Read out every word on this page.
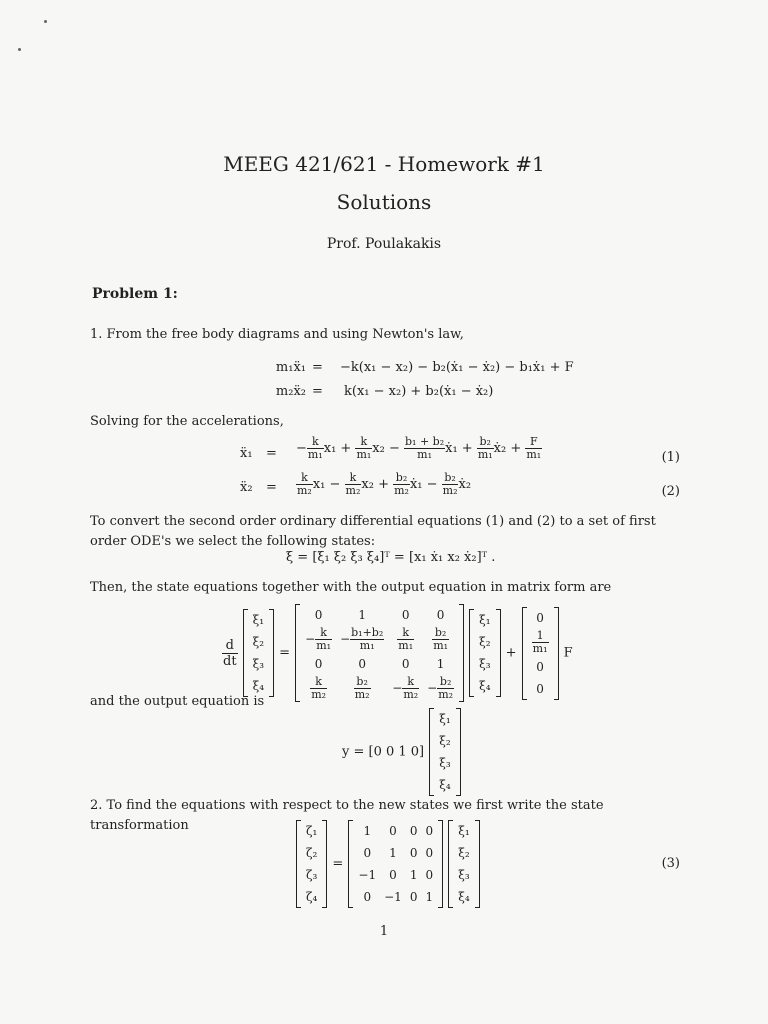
MEEG 421/621 - Homework #1
Solutions
Prof. Poulakakis
Problem 1:
1. From the free body diagrams and using Newton's law,
m₁ẍ₁ = −k(x₁ − x₂) − b₂(ẋ₁ − ẋ₂) − b₁ẋ₁ + F
m₂ẍ₂ = k(x₁ − x₂) + b₂(ẋ₁ − ẋ₂)
Solving for the accelerations,
ẍ₁ = − $\frac{k}{\text{m₁}} x_1 + \frac{k}{\text{m₁}} x_2 - \frac{\text{b₁ + b₂}}{\text{m₁}}$ ẋ₁ + $\frac{\text{b₂}}{\text{m₁}}$ ẋ₂ + $\frac{F}{\text{m₁}}$	(1)
ẍ₂ = $\frac{k}{\text{m₂}} x_1 - \frac{k}{\text{m₂}} x_2 + \frac{\text{b₂}}{\text{m₂}}$ ẋ₁ − $\frac{\text{b₂}}{\text{m₂}}$ ẋ₂	(2)
To convert the second order ordinary differential equations (1) and (2) to a set of first order ODE's we select the following states:
ξ = [ξ₁ ξ₂ ξ₃ ξ₄]ᵀ = [x₁ ẋ₁ x₂ ẋ₂]ᵀ .
Then, the state equations together with the output equation in matrix form are
$\frac{d}{dt}$

ξ₁
ξ₂
ξ₃
ξ₄
=
0	1	0	0
− $\frac{k}{\text{m₁}}$	− $\frac{\text{b₁+b₂}}{\text{m₁}}$	$\frac{k}{\text{m₁}}$	$\frac{\text{b₂}}{\text{m₁}}$

0	0	0	1

$\frac{k}{\text{m₂}}$	$\frac{\text{b₂}}{\text{m₂}}$	− $\frac{k}{\text{m₂}}$	− $\frac{\text{b₂}}{\text{m₂}}$

ξ₁
ξ₂
ξ₃
ξ₄
+
0

$\frac{1}{\text{m₁}}$

0
0
F
and the output equation is
y = [0 0 1 0]
ξ₁
ξ₂
ξ₃
ξ₄
2. To find the equations with respect to the new states we first write the state transformation	ζ₁
ζ₂
ζ₃
ζ₄
=
1	0	0	0
0	1	0	0
−1	0	1	0
0	−1	0	1

ξ₁
ξ₂
ξ₃
ξ₄
(3)
1
